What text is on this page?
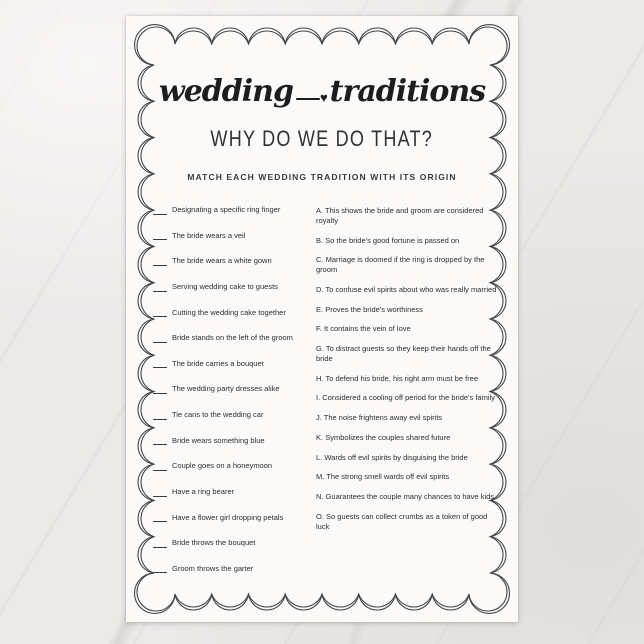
wedding ♥ traditions
WHY DO WE DO THAT?
MATCH EACH WEDDING TRADITION WITH ITS ORIGIN
Designating a specific ring finger
The bride wears a veil
The bride wears a white gown
Serving wedding cake to guests
Cutting the wedding cake together
Bride stands on the left of the groom
The bride carries a bouquet
The wedding party dresses alike
Tie cans to the wedding car
Bride wears something blue
Couple goes on a honeymoon
Have a ring bearer
Have a flower girl dropping petals
Bride throws the bouquet
Groom throws the garter
A. This shows the bride and groom are considered royalty
B. So the bride's good fortune is passed on
C. Marriage is doomed if the ring is dropped by the groom
D. To confuse evil spirits about who was really married
E. Proves the bride's worthiness
F. It contains the vein of love
G. To distract guests so they keep their hands off the bride
H. To defend his bride, his right arm must be free
I. Considered a cooling off period for the bride's family
J. The noise frightens away evil spirits
K. Symbolizes the couples shared future
L. Wards off evil spirits by disguising the bride
M. The strong smell wards off evil spirits
N. Guarantees the couple many chances to have kids
O. So guests can collect crumbs as a token of good luck
